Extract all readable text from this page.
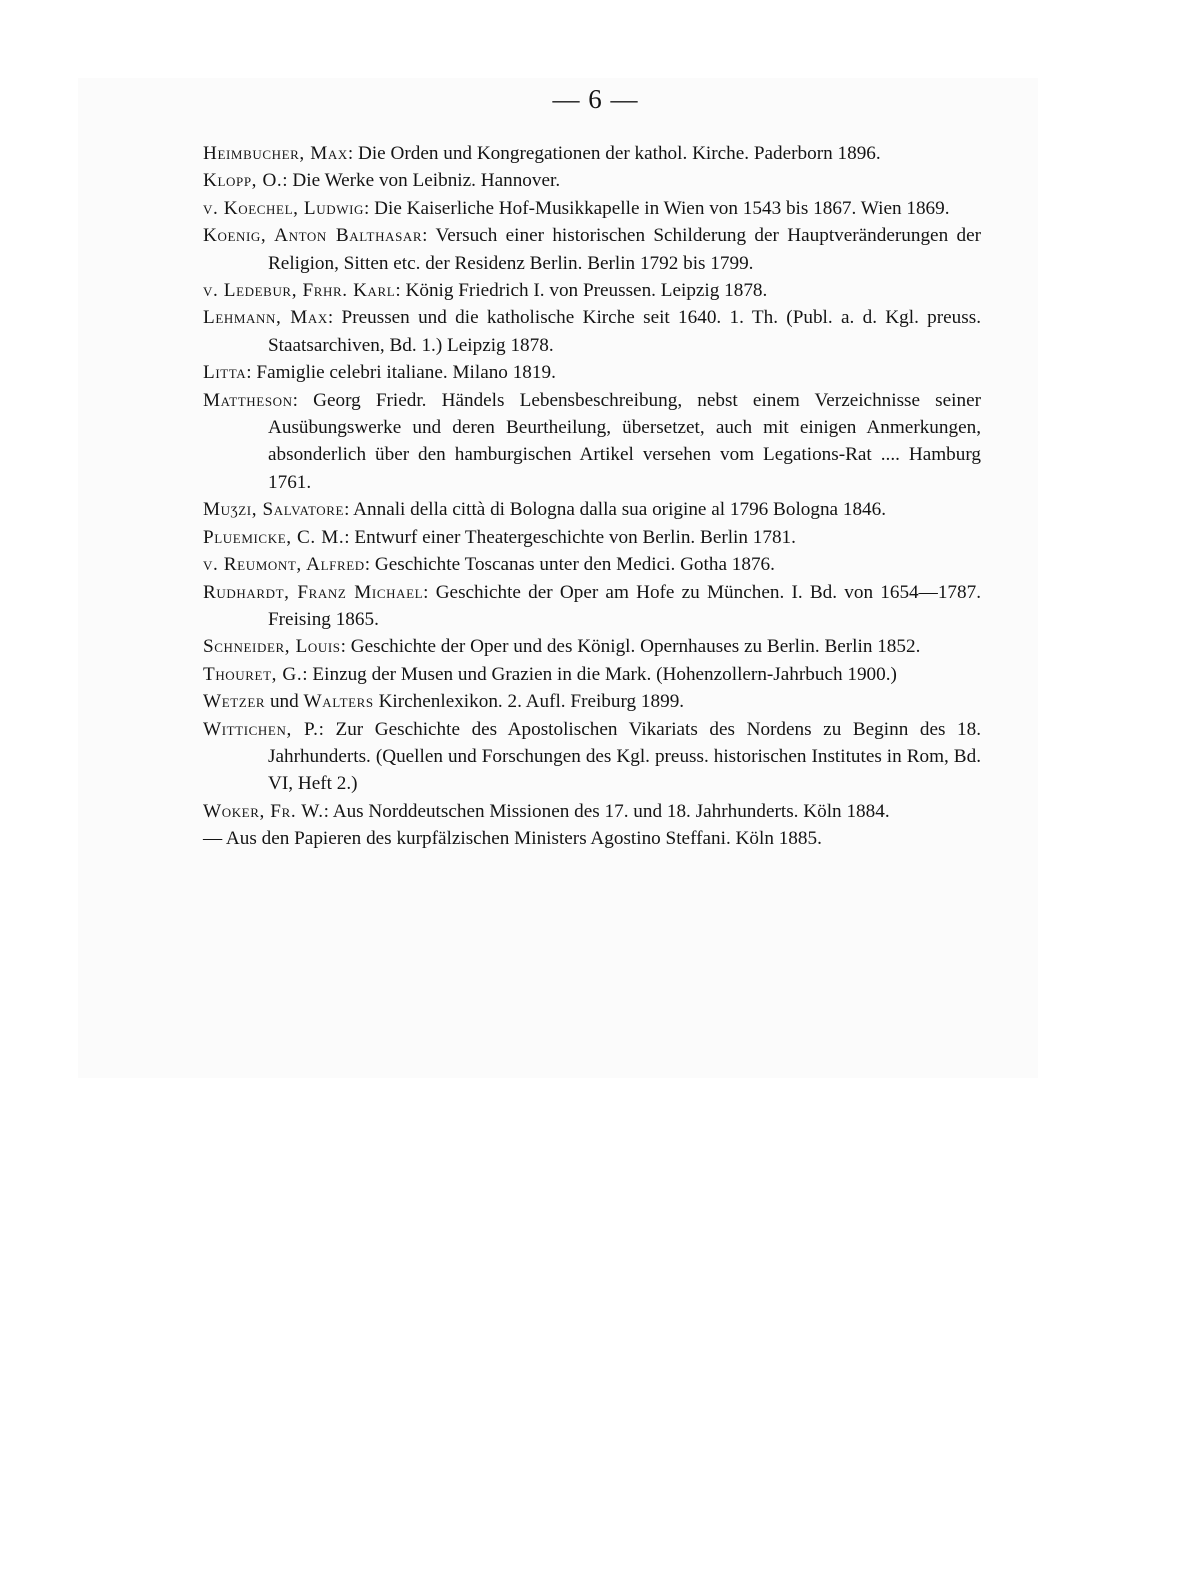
— 6 —
Heimbucher, Max: Die Orden und Kongregationen der kathol. Kirche. Paderborn 1896.
Klopp, O.: Die Werke von Leibniz. Hannover.
v. Koechel, Ludwig: Die Kaiserliche Hof-Musikkapelle in Wien von 1543 bis 1867. Wien 1869.
Koenig, Anton Balthasar: Versuch einer historischen Schilderung der Hauptveränderungen der Religion, Sitten etc. der Residenz Berlin. Berlin 1792 bis 1799.
v. Ledebur, Frhr. Karl: König Friedrich I. von Preussen. Leipzig 1878.
Lehmann, Max: Preussen und die katholische Kirche seit 1640. 1. Th. (Publ. a. d. Kgl. preuss. Staatsarchiven, Bd. 1.) Leipzig 1878.
Litta: Famiglie celebri italiane. Milano 1819.
Mattheson: Georg Friedr. Händels Lebensbeschreibung, nebst einem Verzeichnisse seiner Ausübungswerke und deren Beurtheilung, übersetzet, auch mit einigen Anmerkungen, absonderlich über den hamburgischen Artikel versehen vom Legations-Rat .... Hamburg 1761.
Muʒzi, Salvatore: Annali della città di Bologna dalla sua origine al 1796 Bologna 1846.
Pluemicke, C. M.: Entwurf einer Theatergeschichte von Berlin. Berlin 1781.
v. Reumont, Alfred: Geschichte Toscanas unter den Medici. Gotha 1876.
Rudhardt, Franz Michael: Geschichte der Oper am Hofe zu München. I. Bd. von 1654—1787. Freising 1865.
Schneider, Louis: Geschichte der Oper und des Königl. Opernhauses zu Berlin. Berlin 1852.
Thouret, G.: Einzug der Musen und Grazien in die Mark. (Hohenzollern-Jahrbuch 1900.)
Wetzer und Walters Kirchenlexikon. 2. Aufl. Freiburg 1899.
Wittichen, P.: Zur Geschichte des Apostolischen Vikariats des Nordens zu Beginn des 18. Jahrhunderts. (Quellen und Forschungen des Kgl. preuss. historischen Institutes in Rom, Bd. VI, Heft 2.)
Woker, Fr. W.: Aus Norddeutschen Missionen des 17. und 18. Jahrhunderts. Köln 1884.
— Aus den Papieren des kurpfälzischen Ministers Agostino Steffani. Köln 1885.
